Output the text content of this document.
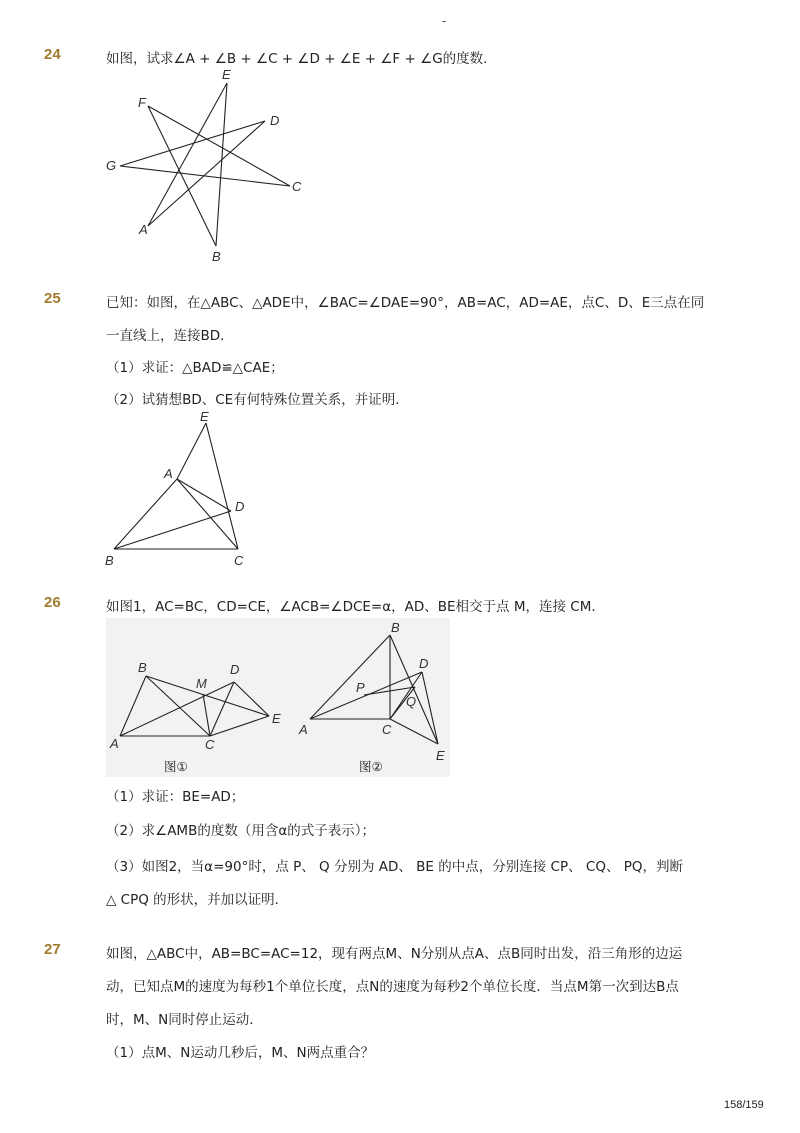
-
24	如图，试求∠A + ∠B + ∠C + ∠D + ∠E + ∠F + ∠G的度数．
E
F
D
G
C
A
B
25	已知：如图，在△ABC、△ADE中，∠BAC=∠DAE=90°，AB=AC，AD=AE，点C、D、E三点在同
一直线上，连接BD．
（1）求证：△BAD≌△CAE；
（2）试猜想BD、CE有何特殊位置关系，并证明．
E
A
D
B	C
26	如图1，AC=BC，CD=CE，∠ACB=∠DCE=α，AD、BE相交于点 M，连接 CM．
B	D
M
E
A	C
图①
B
D
P
Q
A	C
E
图②
（1）求证：BE=AD；
（2）求∠AMB的度数（用含α的式子表示）；
（3）如图2，当α=90°时，点 P、 Q 分别为 AD、 BE 的中点，分别连接 CP、 CQ、 PQ，判断
△ CPQ 的形状，并加以证明．
27	如图，△ABC中，AB=BC=AC=12，现有两点M、N分别从点A、点B同时出发，沿三角形的边运
动，已知点M的速度为每秒1个单位长度，点N的速度为每秒2个单位长度．当点M第一次到达B点
时，M、N同时停止运动．
（1）点M、N运动几秒后，M、N两点重合？
158/159
